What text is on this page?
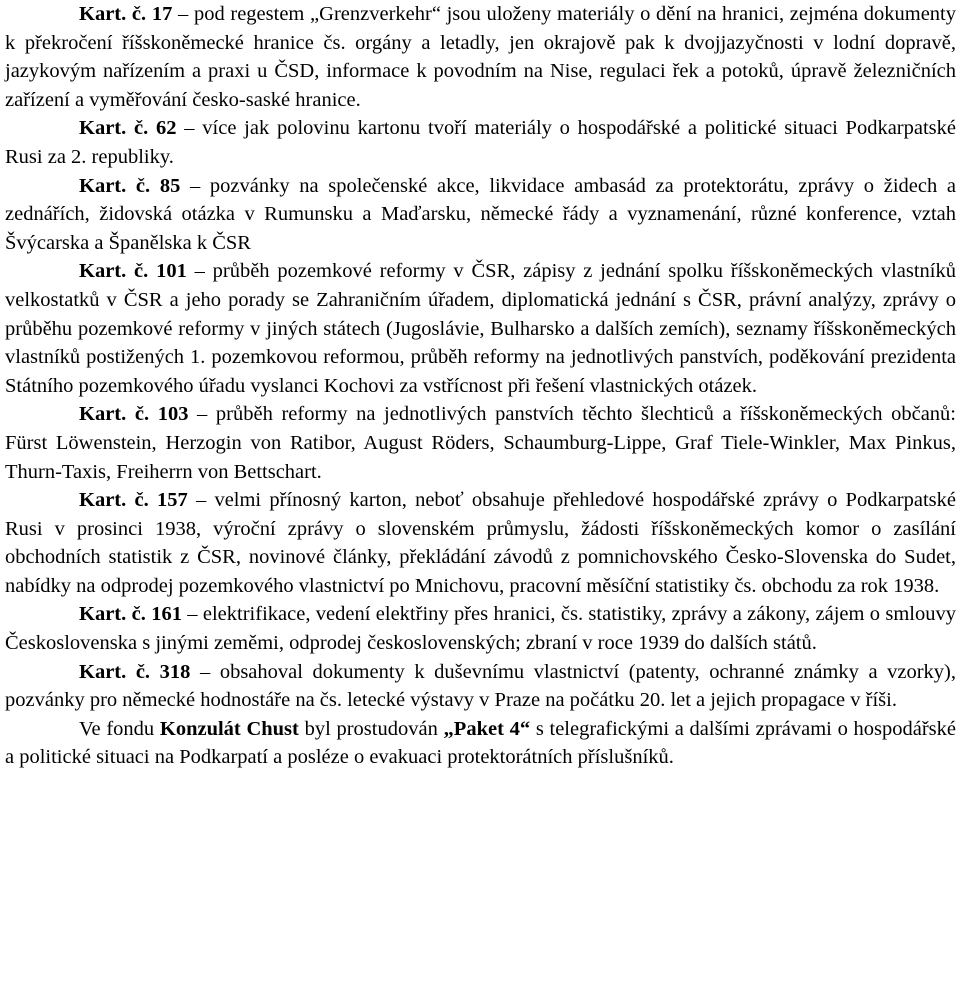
Kart. č. 17 – pod regestem „Grenzverkehr“ jsou uloženy materiály o dění na hranici, zejména dokumenty k překročení říšskoněmecké hranice čs. orgány a letadly, jen okrajově pak k dvojjazyčnosti v lodní dopravě, jazykovým nařízením a praxi u ČSD, informace k povodním na Nise, regulaci řek a potoků, úpravě železničních zařízení a vyměřování česko-saské hranice.

Kart. č. 62 – více jak polovinu kartonu tvoří materiály o hospodářské a politické situaci Podkarpatské Rusi za 2. republiky.

Kart. č. 85 – pozvánky na společenské akce, likvidace ambasád za protektorátu, zprávy o židech a zednářích, židovská otázka v Rumunsku a Maďarsku, německé řády a vyznamenání, různé konference, vztah Švýcarska a Španělska k ČSR

Kart. č. 101 – průběh pozemkové reformy v ČSR, zápisy z jednání spolku říšskoněmeckých vlastníků velkostatků v ČSR a jeho porady se Zahraničním úřadem, diplomatická jednání s ČSR, právní analýzy, zprávy o průběhu pozemkové reformy v jiných státech (Jugoslávie, Bulharsko a dalších zemích), seznamy říšskoněmeckých vlastníků postižených 1. pozemkovou reformou, průběh reformy na jednotlivých panstvích, poděkování prezidenta Státního pozemkového úřadu vyslanci Kochovi za vstřícnost při řešení vlastnických otázek.

Kart. č. 103 – průběh reformy na jednotlivých panstvích těchto šlechticů a říšskoněmeckých občanů: Fürst Löwenstein, Herzogin von Ratibor, August Röders, Schaumburg-Lippe, Graf Tiele-Winkler, Max Pinkus, Thurn-Taxis, Freiherrn von Bettschart.

Kart. č. 157 – velmi přínosný karton, neboť obsahuje přehledové hospodářské zprávy o Podkarpatské Rusi v prosinci 1938, výroční zprávy o slovenském průmyslu, žádosti říšskoněmeckých komor o zasílání obchodních statistik z ČSR, novinové články, překládání závodů z pomnichovského Česko-Slovenska do Sudet, nabídky na odprodej pozemkového vlastnictví po Mnichovu, pracovní měsíční statistiky čs. obchodu za rok 1938.

Kart. č. 161 – elektrifikace, vedení elektřiny přes hranici, čs. statistiky, zprávy a zákony, zájem o smlouvy Československa s jinými zeměmi, odprodej československých; zbraní v roce 1939 do dalších států.

Kart. č. 318 – obsahoval dokumenty k duševnímu vlastnictví (patenty, ochranné známky a vzorky), pozvánky pro německé hodnostáře na čs. letecké výstavy v Praze na počátku 20. let a jejich propagace v říši.

Ve fondu Konzulát Chust byl prostudován „Paket 4“ s telegrafickými a dalšími zprávami o hospodářské a politické situaci na Podkarpatí a posléze o evakuaci protektorátních příslušníků.
